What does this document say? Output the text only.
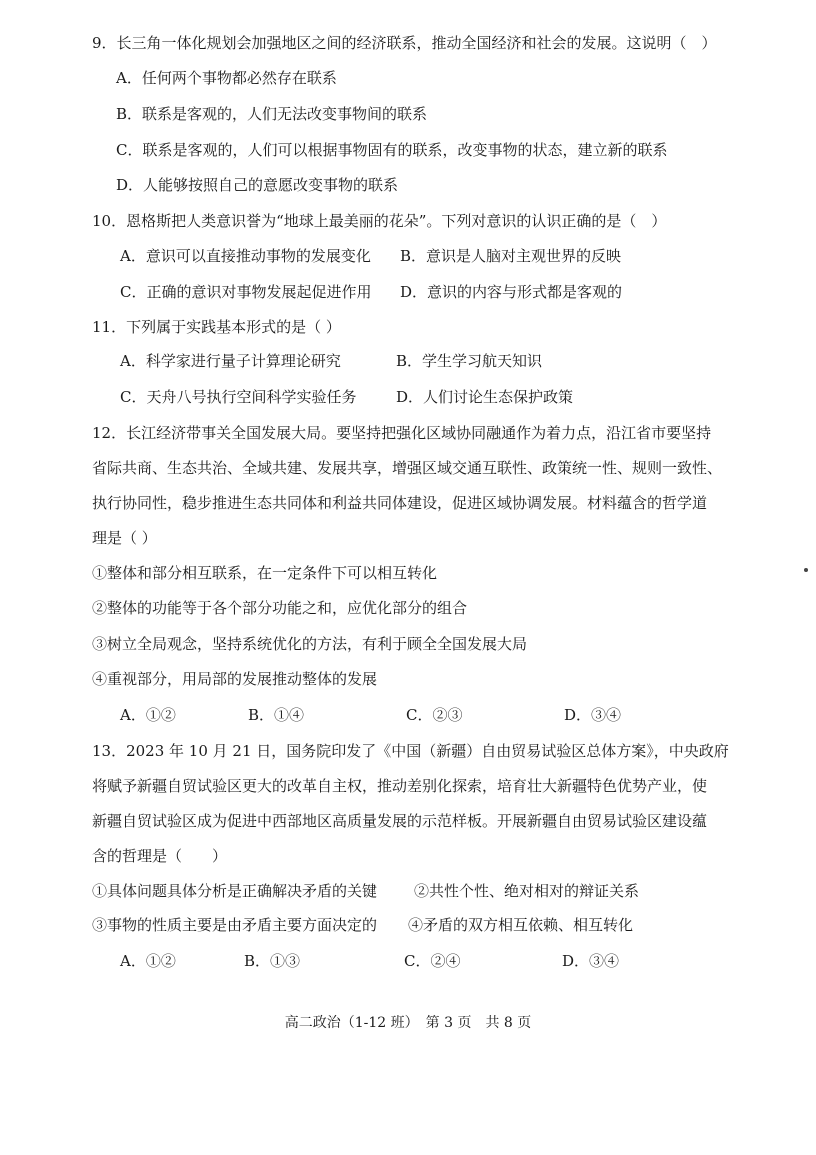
9．长三角一体化规划会加强地区之间的经济联系，推动全国经济和社会的发展。这说明（　）
A．任何两个事物都必然存在联系
B．联系是客观的，人们无法改变事物间的联系
C．联系是客观的，人们可以根据事物固有的联系，改变事物的状态，建立新的联系
D．人能够按照自己的意愿改变事物的联系
10．恩格斯把人类意识誉为“地球上最美丽的花朵”。下列对意识的认识正确的是（　）
A．意识可以直接推动事物的发展变化 B．意识是人脑对主观世界的反映
C．正确的意识对事物发展起促进作用 D．意识的内容与形式都是客观的
11．下列属于实践基本形式的是（ ）
A．科学家进行量子计算理论研究	B．学生学习航天知识
C．天舟八号执行空间科学实验任务	D．人们讨论生态保护政策
12．长江经济带事关全国发展大局。要坚持把强化区域协同融通作为着力点，沿江省市要坚持
省际共商、生态共治、全域共建、发展共享，增强区域交通互联性、政策统一性、规则一致性、
执行协同性，稳步推进生态共同体和利益共同体建设，促进区域协调发展。材料蕴含的哲学道
理是（ ）
①整体和部分相互联系，在一定条件下可以相互转化
②整体的功能等于各个部分功能之和，应优化部分的组合
③树立全局观念，坚持系统优化的方法，有利于顾全全国发展大局
④重视部分，用局部的发展推动整体的发展
A．①②	B．①④	C．②③	D．③④
13．2023 年 10 月 21 日，国务院印发了《中国（新疆）自由贸易试验区总体方案》，中央政府
将赋予新疆自贸试验区更大的改革自主权，推动差别化探索，培育壮大新疆特色优势产业，使
新疆自贸试验区成为促进中西部地区高质量发展的示范样板。开展新疆自由贸易试验区建设蕴
含的哲理是（　　）
①具体问题具体分析是正确解决矛盾的关键 ②共性个性、绝对相对的辩证关系
③事物的性质主要是由矛盾主要方面决定的 ④矛盾的双方相互依赖、相互转化
A．①②	B．①③	C．②④	D．③④
高二政治（1-12 班）　第 3 页　共 8 页
